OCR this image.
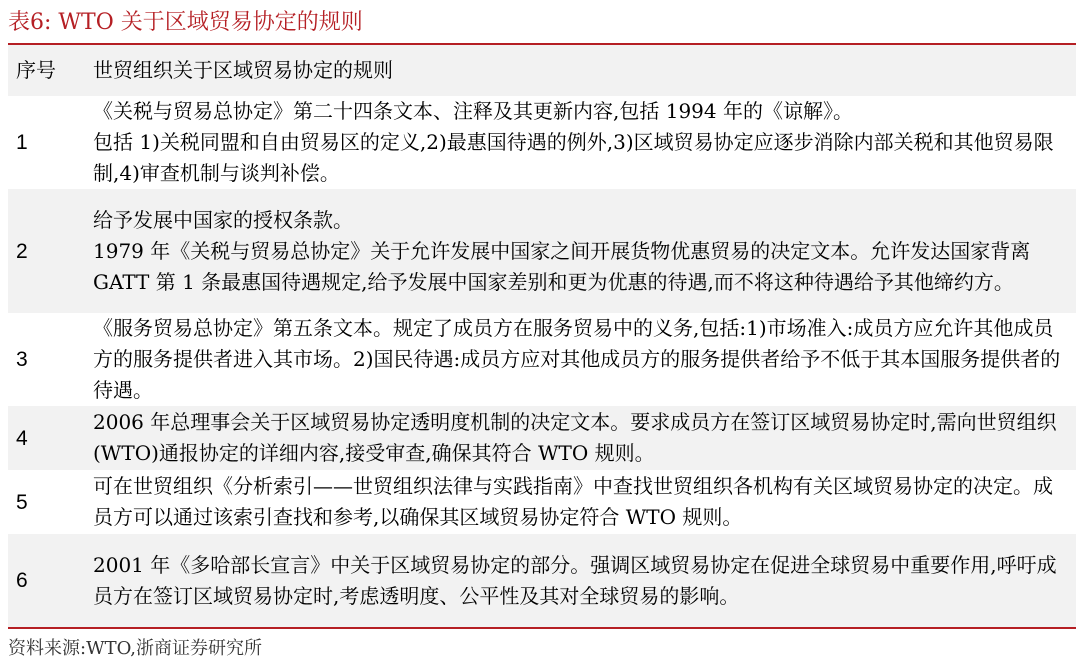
表6: WTO 关于区域贸易协定的规则
序号	世贸组织关于区域贸易协定的规则
1

《关税与贸易总协定》第二十四条文本、注释及其更新内容,包括 1994 年的《谅解》。

包括 1)关税同盟和自由贸易区的定义,2)最惠国待遇的例外,3)区域贸易协定应逐步消除内部关税和其他贸易限制,4)审查机制与谈判补偿。

2

给予发展中国家的授权条款。

1979 年《关税与贸易总协定》关于允许发展中国家之间开展货物优惠贸易的决定文本。允许发达国家背离 GATT 第 1 条最惠国待遇规定,给予发展中国家差别和更为优惠的待遇,而不将这种待遇给予其他缔约方。

3

《服务贸易总协定》第五条文本。规定了成员方在服务贸易中的义务,包括:1)市场准入:成员方应允许其他成员方的服务提供者进入其市场。2)国民待遇:成员方应对其他成员方的服务提供者给予不低于其本国服务提供者的待遇。

4

2006 年总理事会关于区域贸易协定透明度机制的决定文本。要求成员方在签订区域贸易协定时,需向世贸组织(WTO)通报协定的详细内容,接受审查,确保其符合 WTO 规则。

5

可在世贸组织《分析索引——世贸组织法律与实践指南》中查找世贸组织各机构有关区域贸易协定的决定。成员方可以通过该索引查找和参考,以确保其区域贸易协定符合 WTO 规则。

6

2001 年《多哈部长宣言》中关于区域贸易协定的部分。强调区域贸易协定在促进全球贸易中重要作用,呼吁成员方在签订区域贸易协定时,考虑透明度、公平性及其对全球贸易的影响。

资料来源:WTO,浙商证券研究所
